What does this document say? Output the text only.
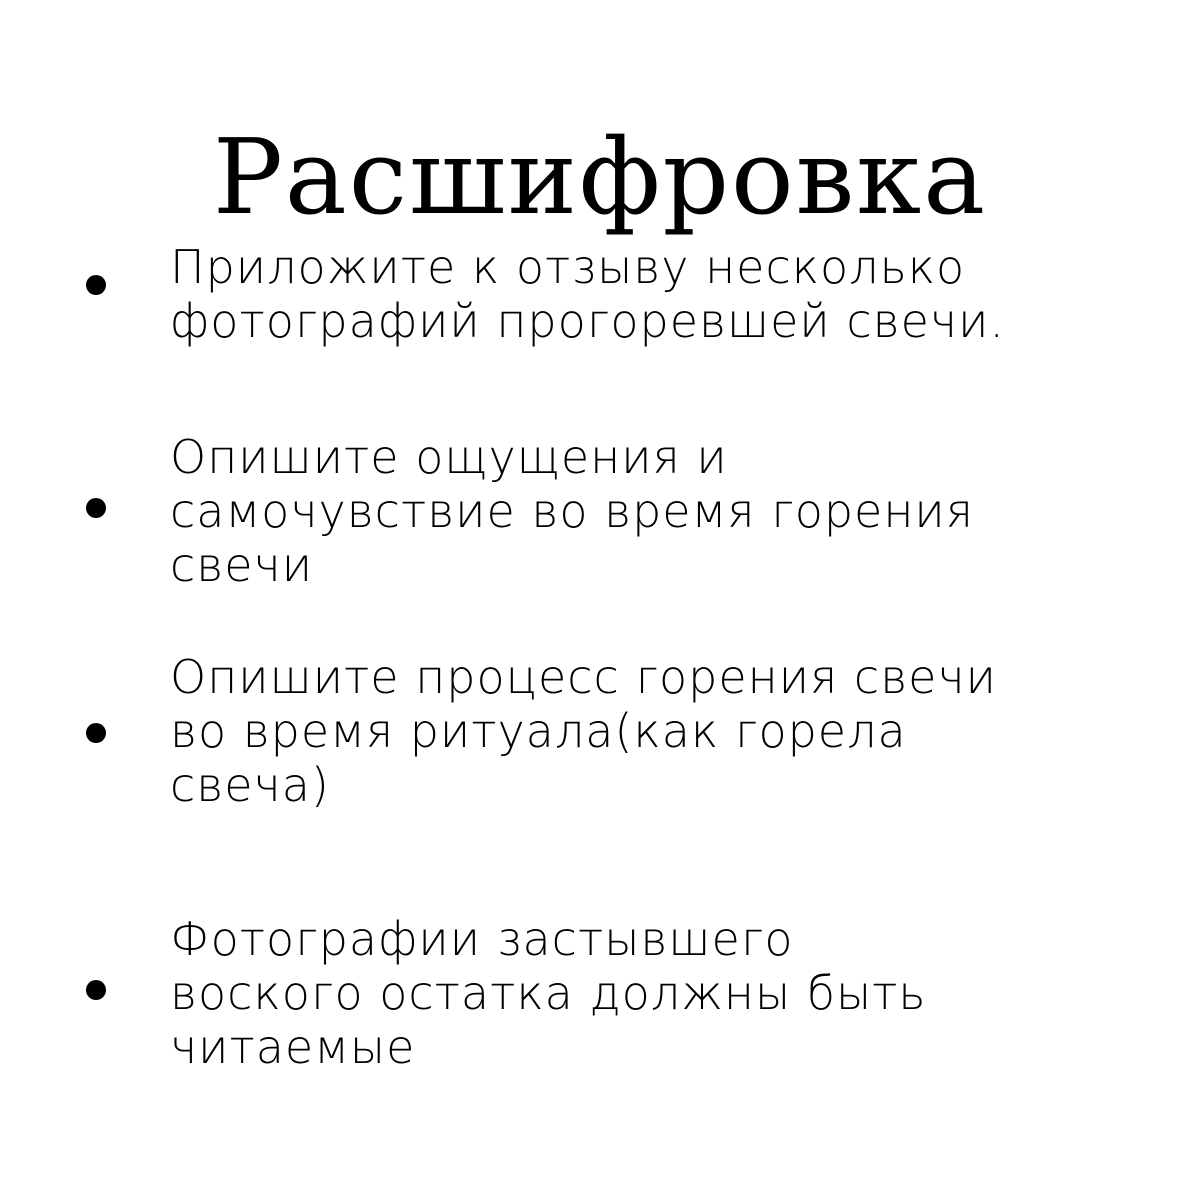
Расшифровка
Приложите к отзыву несколько
фотографий прогоревшей свечи.
Опишите ощущения и
самочувствие во время горения
свечи
Опишите процесс горения свечи
во время ритуала(как горела
свеча)
Фотографии застывшего
воского остатка должны быть
читаемые
